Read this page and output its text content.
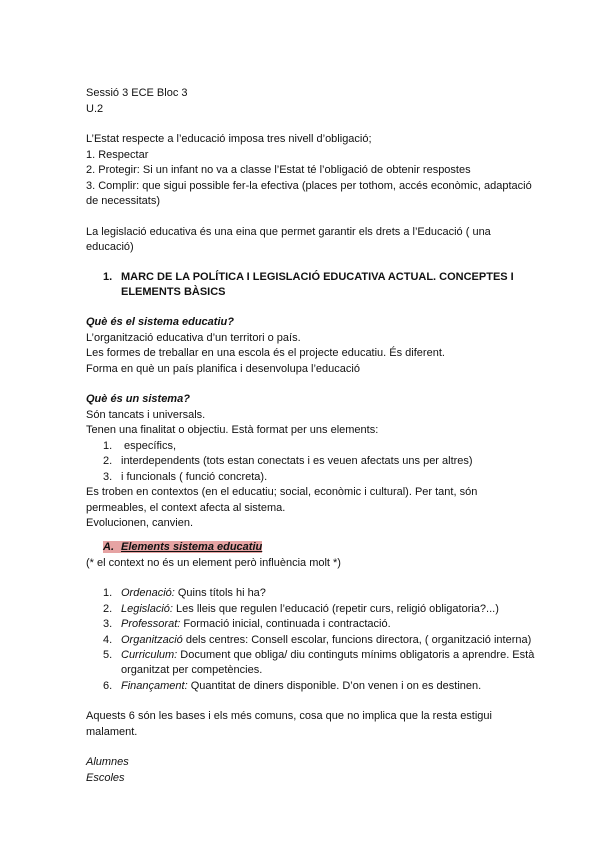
Sessió 3 ECE Bloc 3
U.2
L’Estat respecte a l’educació imposa tres nivell d’obligació;
1. Respectar
2. Protegir: Si un infant no va a classe l’Estat té l’obligació de obtenir respostes
3. Complir: que sigui possible fer-la efectiva (places per tothom, accés econòmic, adaptació
de necessitats)
La legislació educativa és una eina que permet garantir els drets a l’Educació ( una
educació)
1. MARC DE LA POLÍTICA I LEGISLACIÓ EDUCATIVA ACTUAL. CONCEPTES I
ELEMENTS BÀSICS
Què és el sistema educatiu?
L’organització educativa d’un territori o país.
Les formes de treballar en una escola és el projecte educatiu. És diferent.
Forma en què un país planifica i desenvolupa l’educació
Què és un sistema?
Són tancats i universals.
Tenen una finalitat o objectiu. Està format per uns elements:
1. específics,
2. interdependents (tots estan conectats i es veuen afectats uns per altres)
3. i funcionals ( funció concreta).
Es troben en contextos (en el educatiu; social, econòmic i cultural). Per tant, són
permeables, el context afecta al sistema.
Evolucionen, canvien.
A. Elements sistema educatiu
(* el context no és un element però influència molt *)
1. Ordenació: Quins títols hi ha?
2. Legislació: Les lleis que regulen l’educació (repetir curs, religió obligatoria?...)
3. Professorat: Formació inicial, continuada i contractació.
4. Organització dels centres: Consell escolar, funcions directora, ( organització interna)
5. Curriculum: Document que obliga/ diu continguts mínims obligatoris a aprendre. Està
organitzat per competències.
6. Finançament: Quantitat de diners disponible. D’on venen i on es destinen.
Aquests 6 són les bases i els més comuns, cosa que no implica que la resta estigui
malament.
Alumnes
Escoles
